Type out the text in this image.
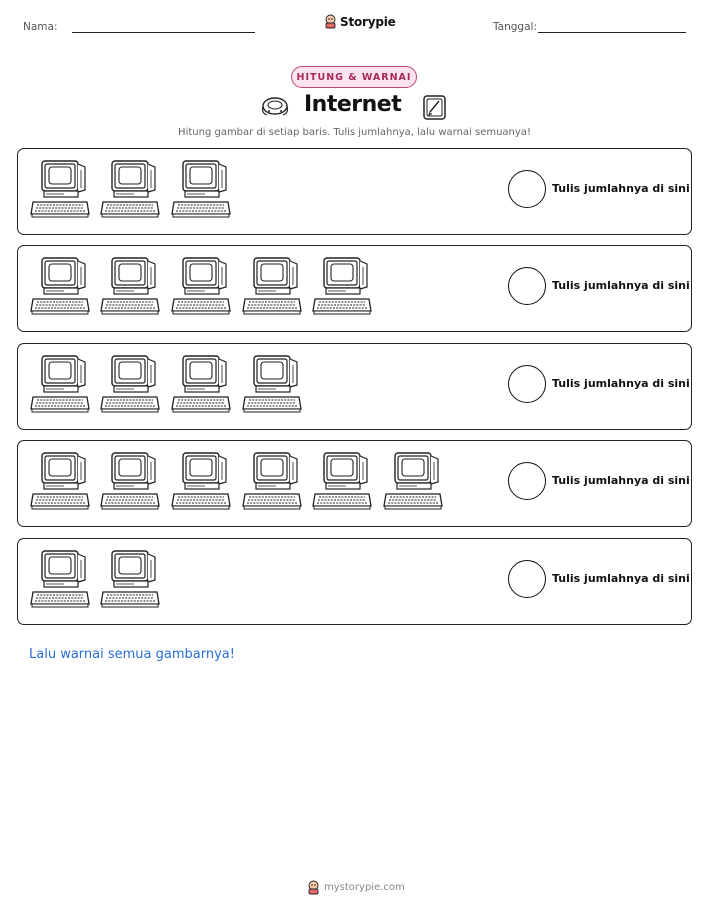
Nama:	Storypie	Tanggal:
HITUNG & WARNAI
Internet
Hitung gambar di setiap baris. Tulis jumlahnya, lalu warnai semuanya!
Tulis jumlahnya di sini
Tulis jumlahnya di sini
Tulis jumlahnya di sini
Tulis jumlahnya di sini
Tulis jumlahnya di sini
Lalu warnai semua gambarnya!
mystorypie.com
